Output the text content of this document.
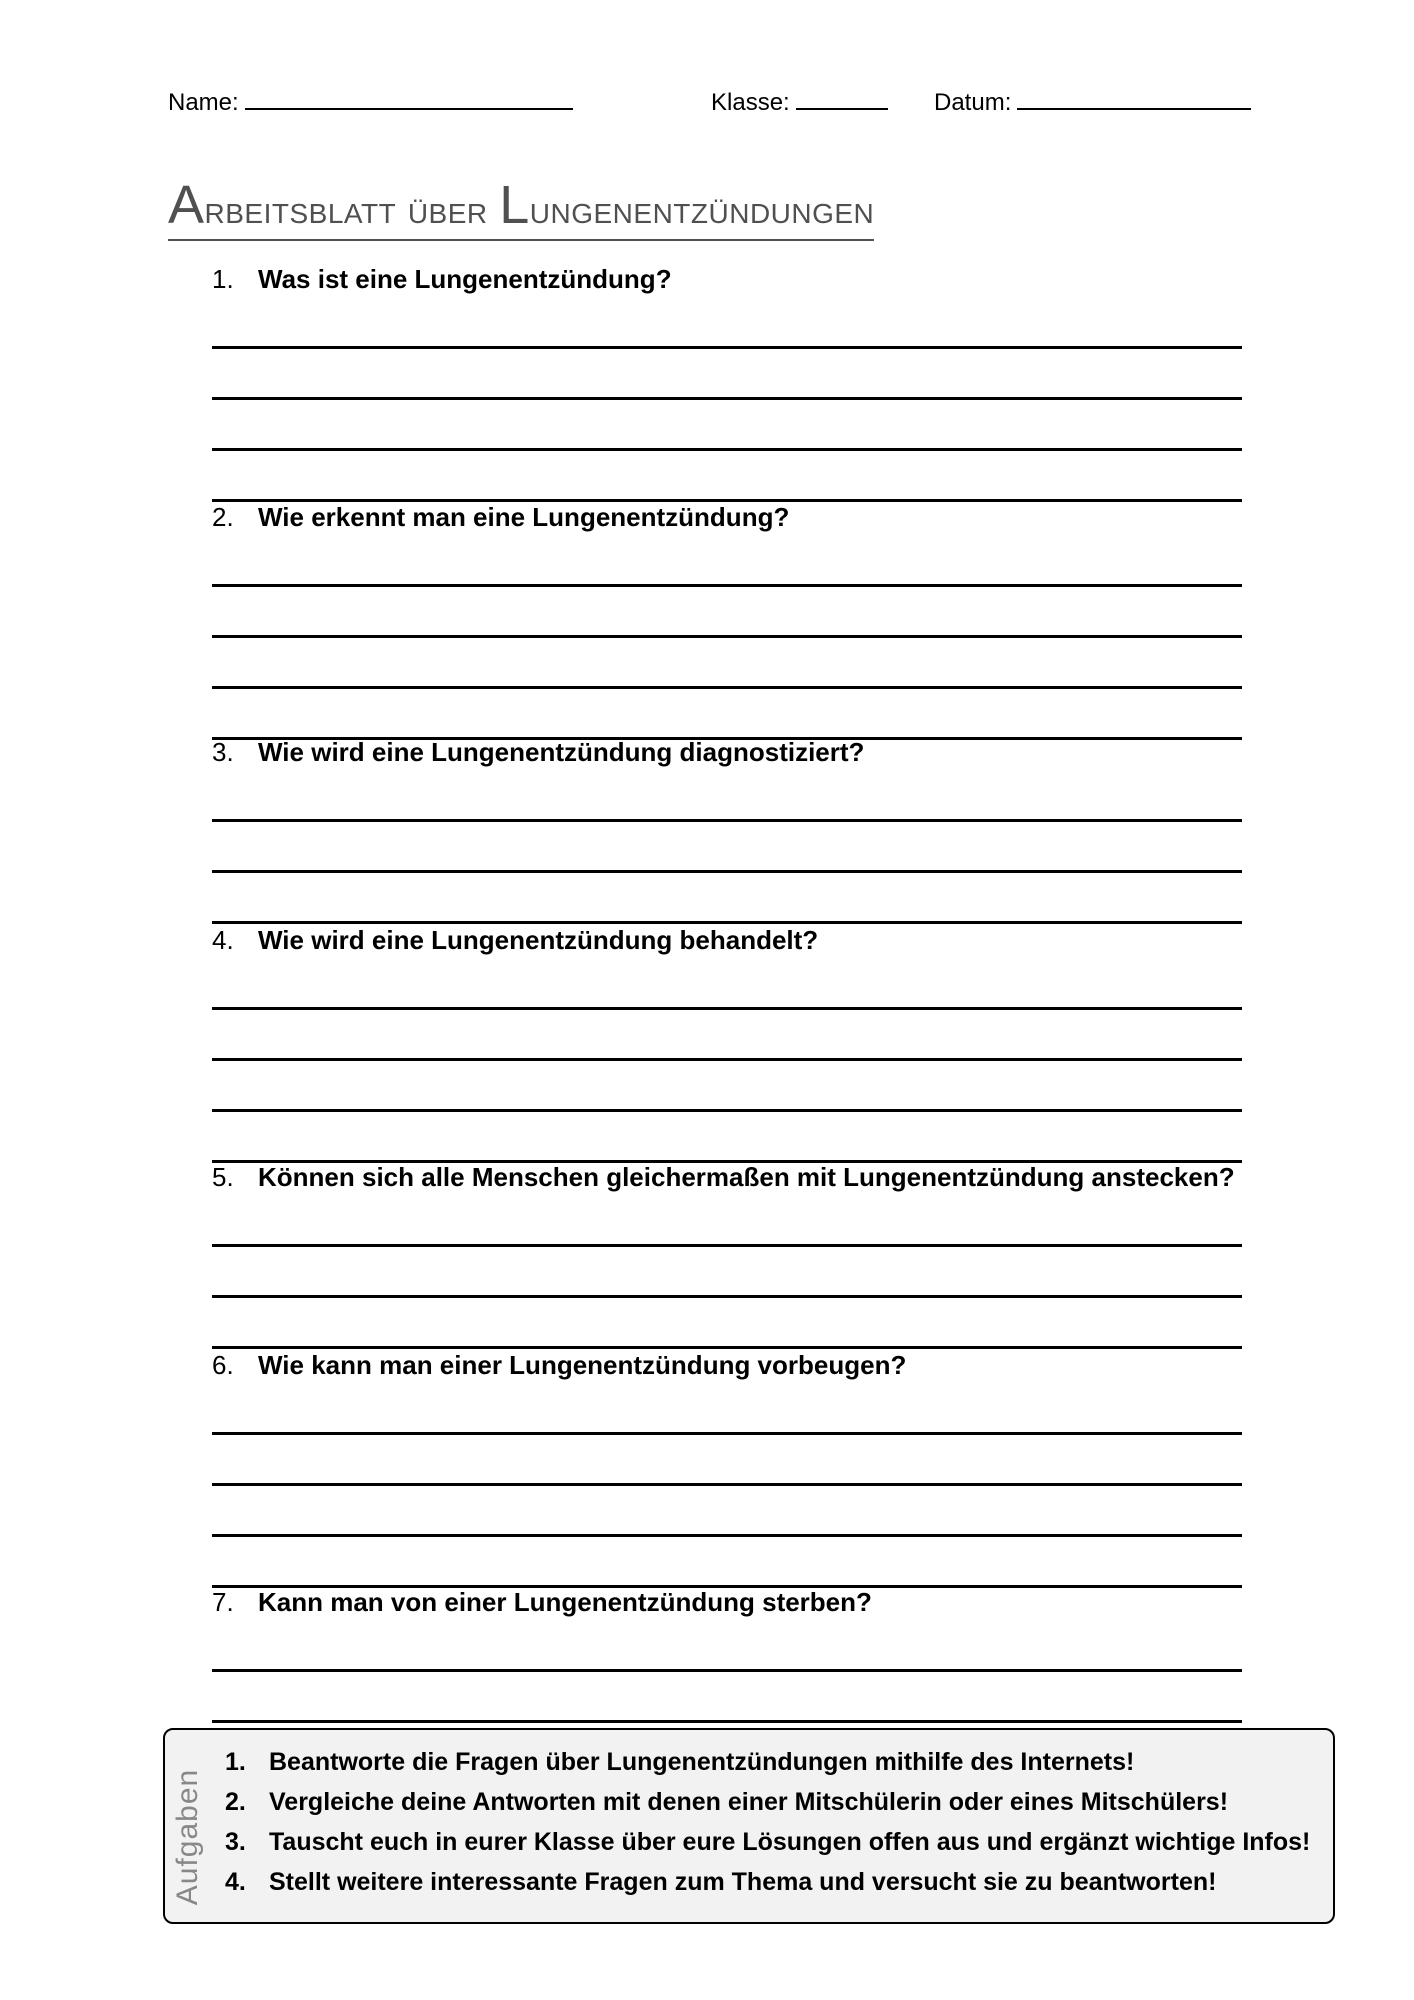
Name:	Klasse:	Datum:
Arbeitsblatt über Lungenentzündungen
1. Was ist eine Lungenentzündung?
2. Wie erkennt man eine Lungenentzündung?
3. Wie wird eine Lungenentzündung diagnostiziert?
4. Wie wird eine Lungenentzündung behandelt?
5. Können sich alle Menschen gleichermaßen mit Lungenentzündung anstecken?
6. Wie kann man einer Lungenentzündung vorbeugen?
7. Kann man von einer Lungenentzündung sterben?
Aufgaben
1. Beantworte die Fragen über Lungenentzündungen mithilfe des Internets!
2. Vergleiche deine Antworten mit denen einer Mitschülerin oder eines Mitschülers!
3. Tauscht euch in eurer Klasse über eure Lösungen offen aus und ergänzt wichtige Infos!
4. Stellt weitere interessante Fragen zum Thema und versucht sie zu beantworten!
